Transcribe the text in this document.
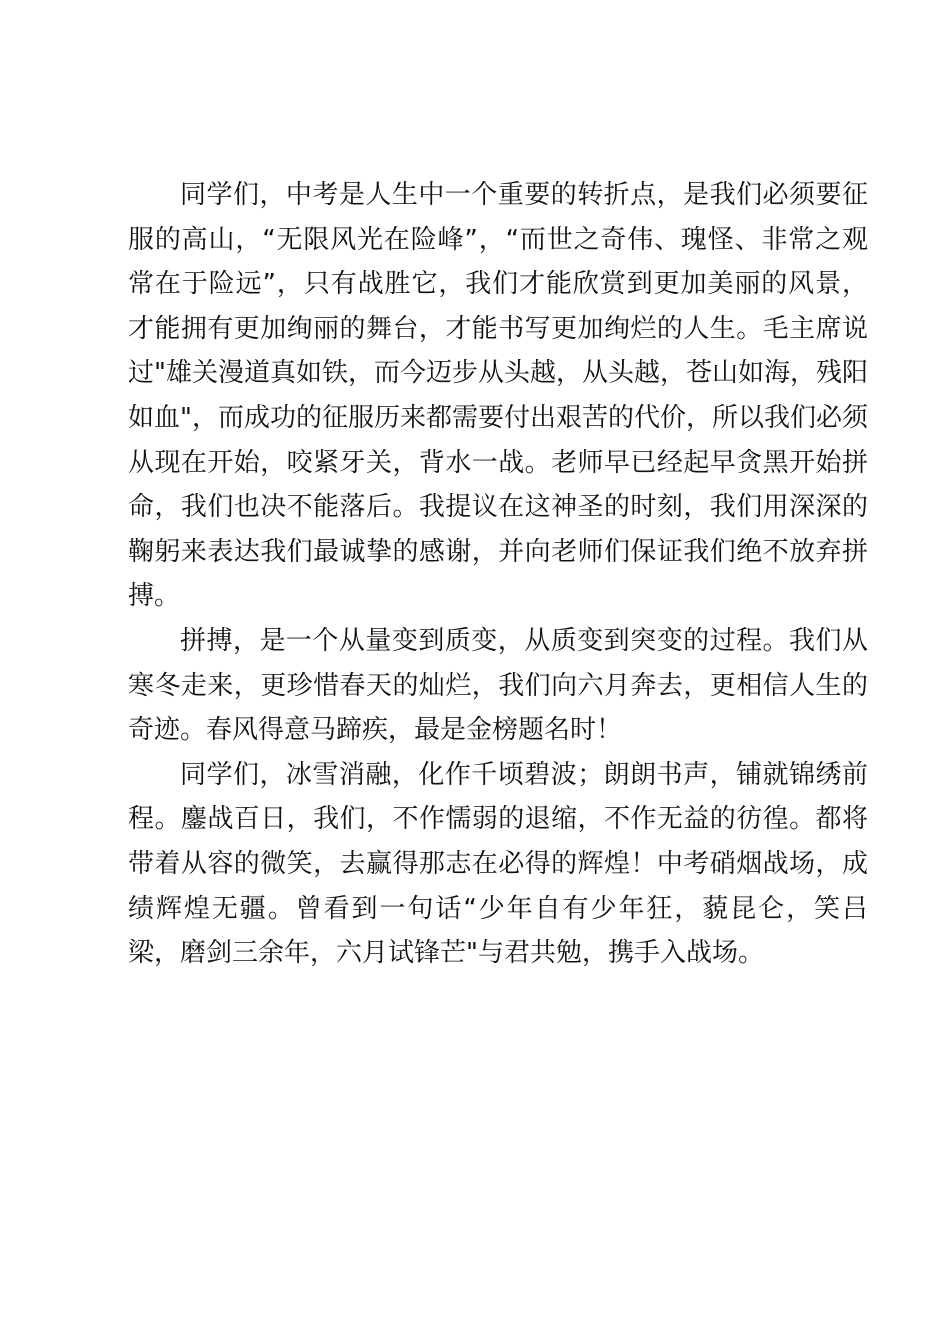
同学们，中考是人生中一个重要的转折点，是我们必须要征服的高山，“无限风光在险峰”，“而世之奇伟、瑰怪、非常之观常在于险远”，只有战胜它，我们才能欣赏到更加美丽的风景，才能拥有更加绚丽的舞台，才能书写更加绚烂的人生。毛主席说过"雄关漫道真如铁，而今迈步从头越，从头越，苍山如海，残阳如血"，而成功的征服历来都需要付出艰苦的代价，所以我们必须从现在开始，咬紧牙关，背水一战。老师早已经起早贪黑开始拼命，我们也决不能落后。我提议在这神圣的时刻，我们用深深的鞠躬来表达我们最诚挚的感谢，并向老师们保证我们绝不放弃拼搏。

拼搏，是一个从量变到质变，从质变到突变的过程。我们从寒冬走来，更珍惜春天的灿烂，我们向六月奔去，更相信人生的奇迹。春风得意马蹄疾，最是金榜题名时！

同学们，冰雪消融，化作千顷碧波；朗朗书声，铺就锦绣前程。鏖战百日，我们，不作懦弱的退缩，不作无益的彷徨。都将带着从容的微笑，去赢得那志在必得的辉煌！中考硝烟战场，成绩辉煌无疆。曾看到一句话“少年自有少年狂，藐昆仑，笑吕梁，磨剑三余年，六月试锋芒"与君共勉，携手入战场。
